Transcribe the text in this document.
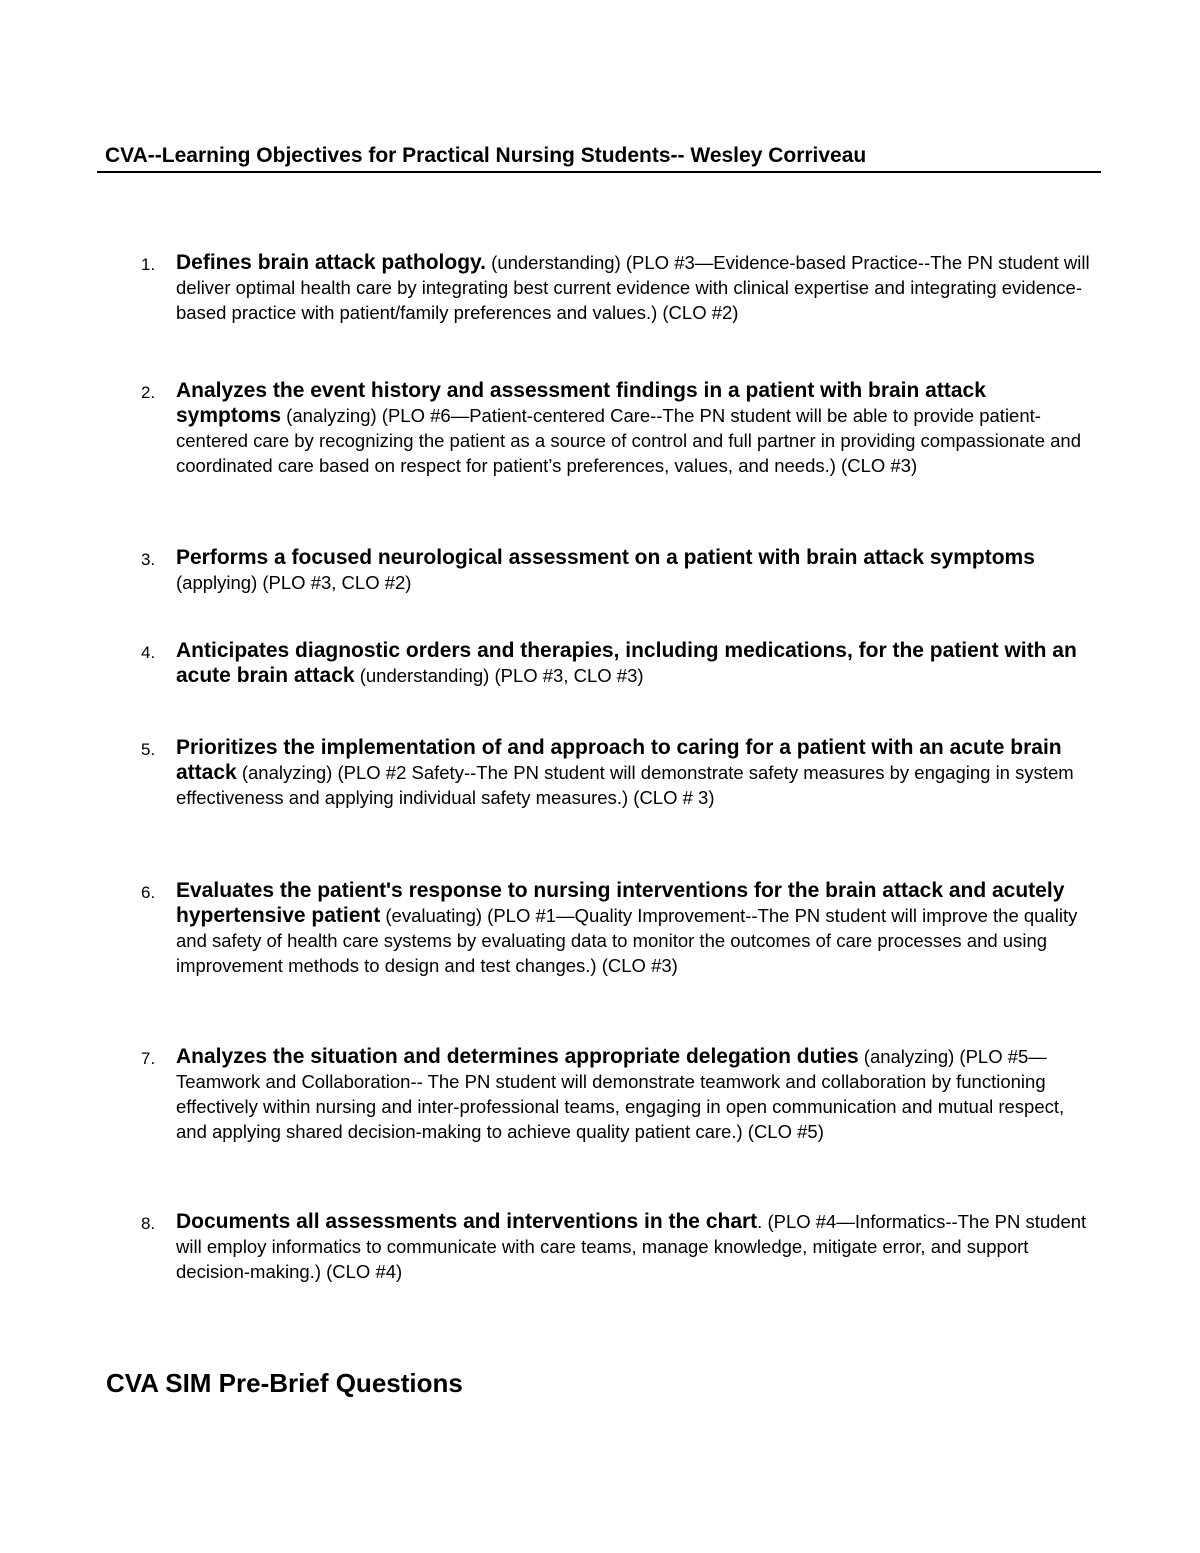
CVA--Learning Objectives for Practical Nursing Students-- Wesley Corriveau
1. Defines brain attack pathology. (understanding) (PLO #3—Evidence-based Practice--The PN student will deliver optimal health care by integrating best current evidence with clinical expertise and integrating evidence-based practice with patient/family preferences and values.) (CLO #2)
2. Analyzes the event history and assessment findings in a patient with brain attack symptoms (analyzing) (PLO #6—Patient-centered Care--The PN student will be able to provide patient-centered care by recognizing the patient as a source of control and full partner in providing compassionate and coordinated care based on respect for patient’s preferences, values, and needs.) (CLO #3)
3. Performs a focused neurological assessment on a patient with brain attack symptoms (applying) (PLO #3, CLO #2)
4. Anticipates diagnostic orders and therapies, including medications, for the patient with an acute brain attack (understanding) (PLO #3, CLO #3)
5. Prioritizes the implementation of and approach to caring for a patient with an acute brain attack (analyzing) (PLO #2 Safety--The PN student will demonstrate safety measures by engaging in system effectiveness and applying individual safety measures.) (CLO # 3)
6. Evaluates the patient's response to nursing interventions for the brain attack and acutely hypertensive patient (evaluating) (PLO #1—Quality Improvement--The PN student will improve the quality and safety of health care systems by evaluating data to monitor the outcomes of care processes and using improvement methods to design and test changes.) (CLO #3)
7. Analyzes the situation and determines appropriate delegation duties (analyzing) (PLO #5—Teamwork and Collaboration-- The PN student will demonstrate teamwork and collaboration by functioning effectively within nursing and inter-professional teams, engaging in open communication and mutual respect, and applying shared decision-making to achieve quality patient care.) (CLO #5)
8. Documents all assessments and interventions in the chart. (PLO #4—Informatics--The PN student will employ informatics to communicate with care teams, manage knowledge, mitigate error, and support decision-making.) (CLO #4)
CVA SIM Pre-Brief Questions
